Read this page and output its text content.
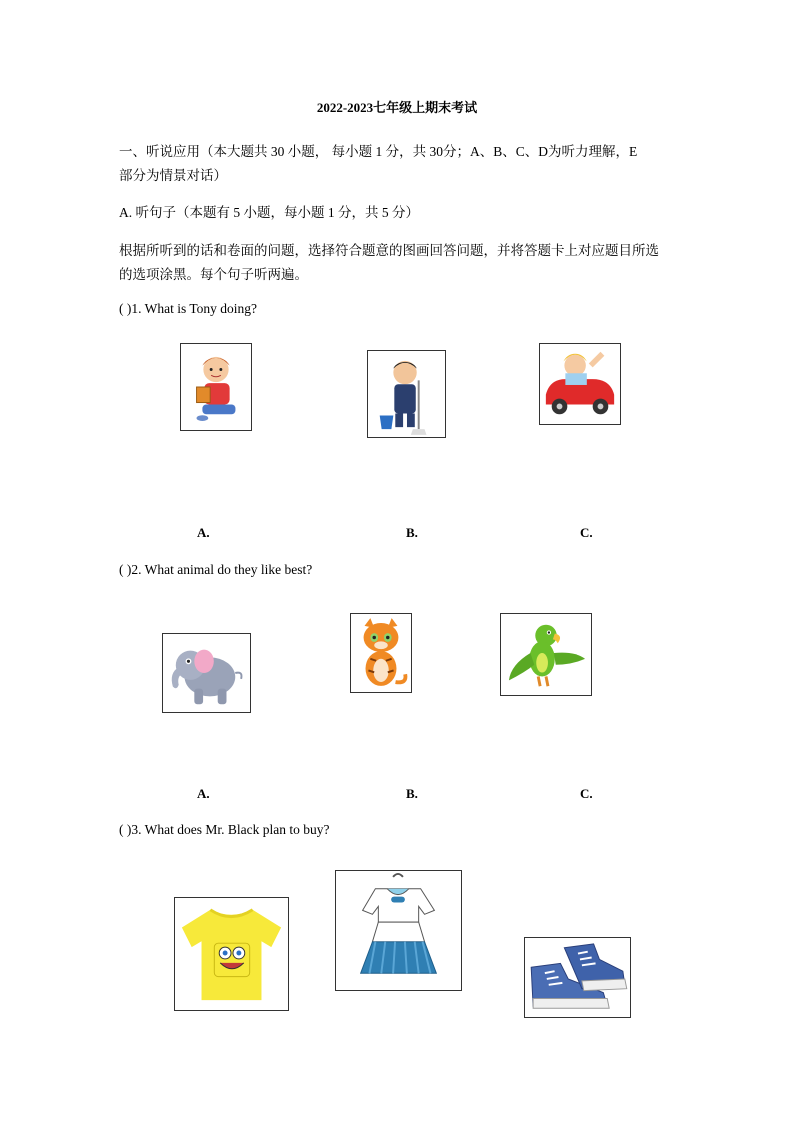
2022-2023七年级上期末考试
一、听说应用（本大题共 30 小题， 每小题 1 分，共 30分；A、B、C、D为听力理解，E
部分为情景对话）
A. 听句子（本题有 5 小题，每小题 1 分，共 5 分）
根据所听到的话和卷面的问题，选择符合题意的图画回答问题，并将答题卡上对应题目所选
的选项涂黑。每个句子听两遍。
( )1. What is Tony doing?
A.	B.	C.
( )2. What animal do they like best?
A.	B.	C.
( )3. What does Mr. Black plan to buy?
